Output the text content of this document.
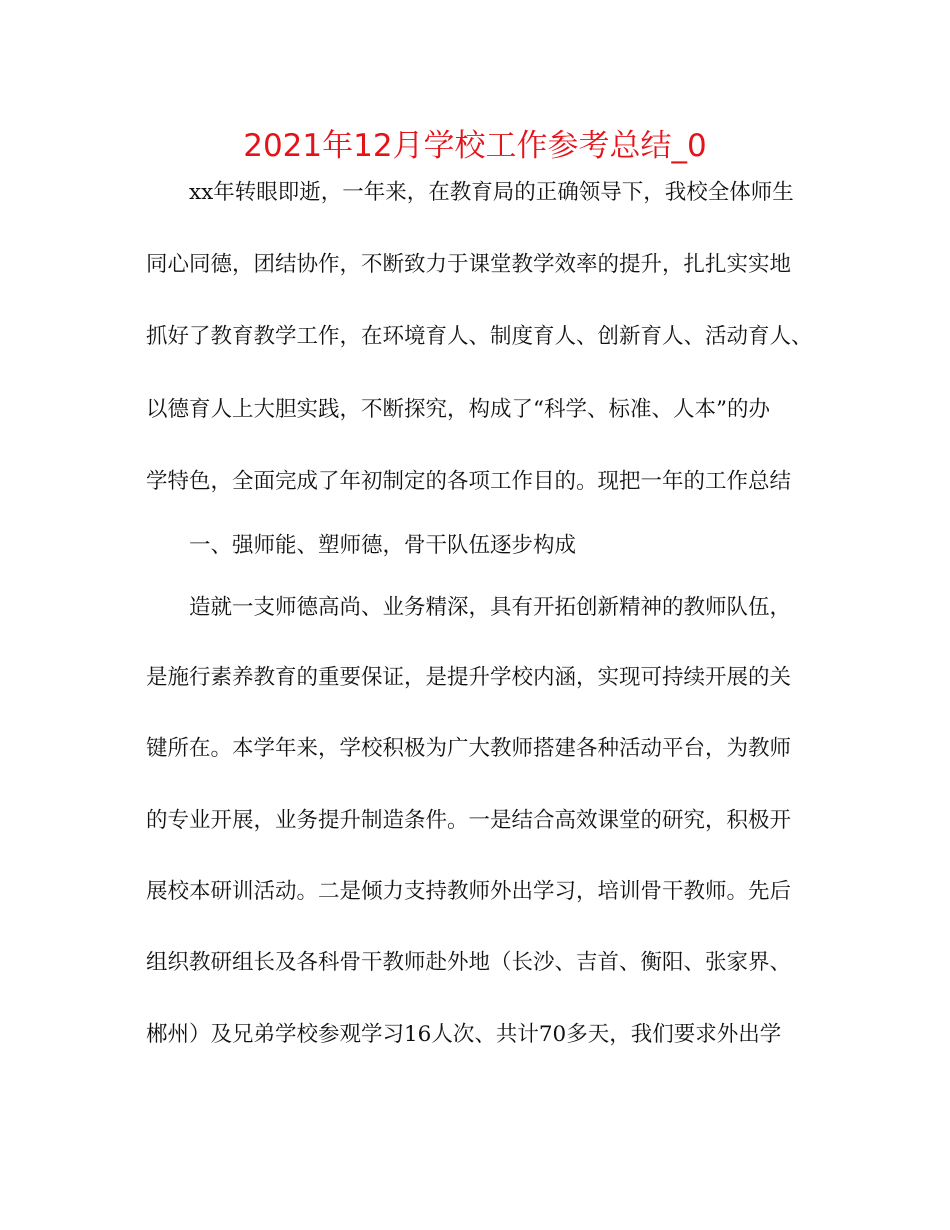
2021年12月学校工作参考总结_0

xx年转眼即逝，一年来，在教育局的正确领导下，我校全体师生

同心同德，团结协作，不断致力于课堂教学效率的提升，扎扎实实地

抓好了教育教学工作，在环境育人、制度育人、创新育人、活动育人、

以德育人上大胆实践，不断探究，构成了“科学、标准、人本”的办

学特色，全面完成了年初制定的各项工作目的。现把一年的工作总结

一、强师能、塑师德，骨干队伍逐步构成

造就一支师德高尚、业务精深，具有开拓创新精神的教师队伍，

是施行素养教育的重要保证，是提升学校内涵，实现可持续开展的关

键所在。本学年来，学校积极为广大教师搭建各种活动平台，为教师

的专业开展，业务提升制造条件。一是结合高效课堂的研究，积极开

展校本研训活动。二是倾力支持教师外出学习，培训骨干教师。先后

组织教研组长及各科骨干教师赴外地（长沙、吉首、衡阳、张家界、

郴州）及兄弟学校参观学习16人次、共计70多天，我们要求外出学
